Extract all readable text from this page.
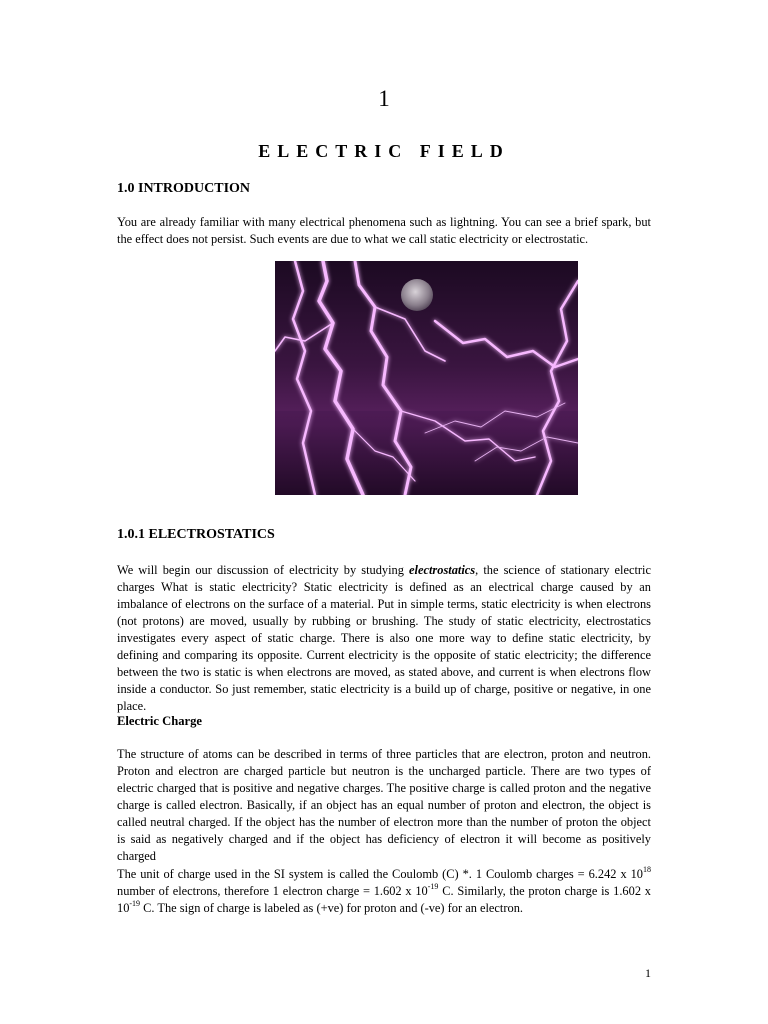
1
ELECTRIC FIELD
1.0 INTRODUCTION
You are already familiar with many electrical phenomena such as lightning. You can see a brief spark, but the effect does not persist. Such events are due to what we call static electricity or electrostatic.
1.0.1 ELECTROSTATICS
We will begin our discussion of electricity by studying electrostatics, the science of stationary electric charges What is static electricity? Static electricity is defined as an electrical charge caused by an imbalance of electrons on the surface of a material. Put in simple terms, static electricity is when electrons (not protons) are moved, usually by rubbing or brushing. The study of static electricity, electrostatics investigates every aspect of static charge. There is also one more way to define static electricity, by defining and comparing its opposite. Current electricity is the opposite of static electricity; the difference between the two is static is when electrons are moved, as stated above, and current is when electrons flow inside a conductor. So just remember, static electricity is a build up of charge, positive or negative, in one place.
Electric Charge
The structure of atoms can be described in terms of three particles that are electron, proton and neutron. Proton and electron are charged particle but neutron is the uncharged particle. There are two types of electric charged that is positive and negative charges. The positive charge is called proton and the negative charge is called electron. Basically, if an object has an equal number of proton and electron, the object is called neutral charged. If the object has the number of electron more than the number of proton the object is said as negatively charged and if the object has deficiency of electron it will become as positively charged
The unit of charge used in the SI system is called the Coulomb (C) *. 1 Coulomb charges = 6.242 x $10^{18}$ number of electrons, therefore 1 electron charge = 1.602 x $10^{-19}$ C. Similarly, the proton charge is 1.602 x $10^{-19}$ C. The sign of charge is labeled as (+ve) for proton and (-ve) for an electron.
1
